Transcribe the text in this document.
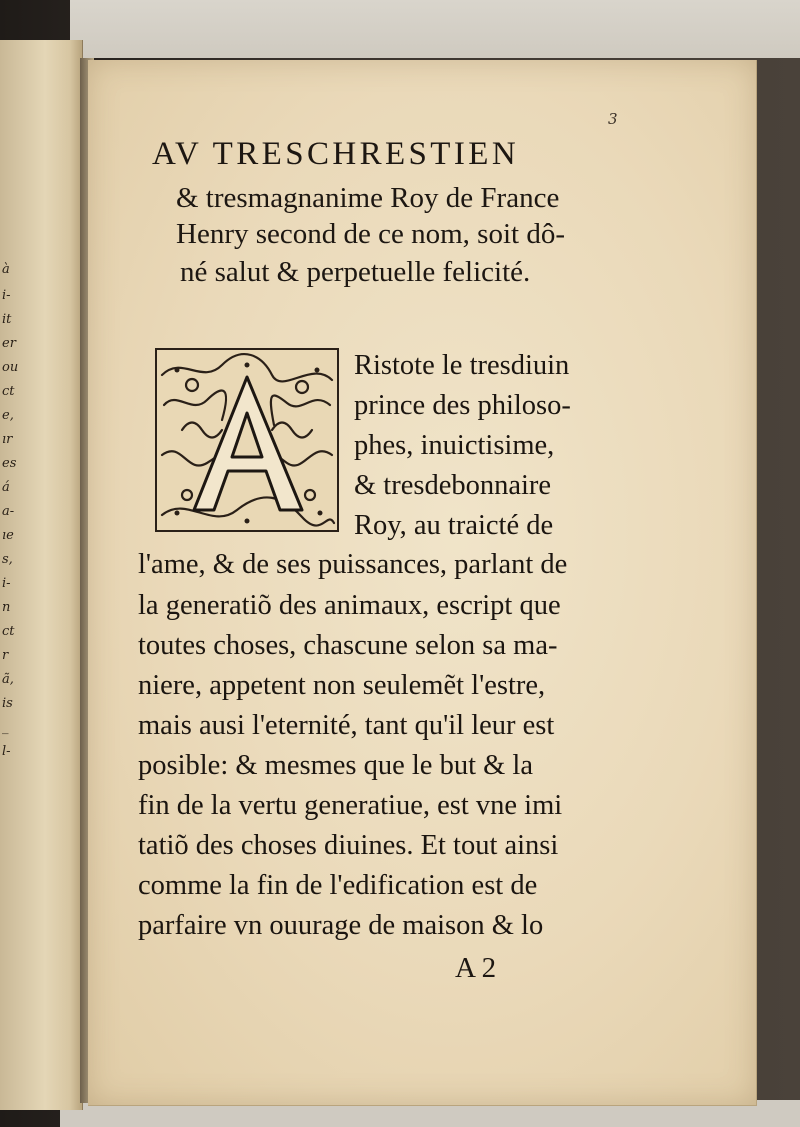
à
i-
it
er
ou
ct
e,
ır
es
á
a-
ıe
s,
i-
n
ct
r
ã,
is
_
l-
3
AV TRESCHRESTIEN
& tresmagnanime Roy de France
Henry second de ce nom, soit dô-
né salut & perpetuelle felicité.
Ristote le tresdiuin
prince des philoso-
phes, inuictisime,
& tresdebonnaire
Roy, au traicté de
l'ame, & de ses puissances, parlant de
la generatiõ des animaux, escript que
toutes choses, chascune selon sa ma-
niere, appetent non seulemẽt l'estre,
mais ausi l'eternité, tant qu'il leur est
posible: & mesmes que le but & la
fin de la vertu generatiue, est vne imi
tatiõ des choses diuines. Et tout ainsi
comme la fin de l'edification est de
parfaire vn ouurage de maison & lo
A 2
